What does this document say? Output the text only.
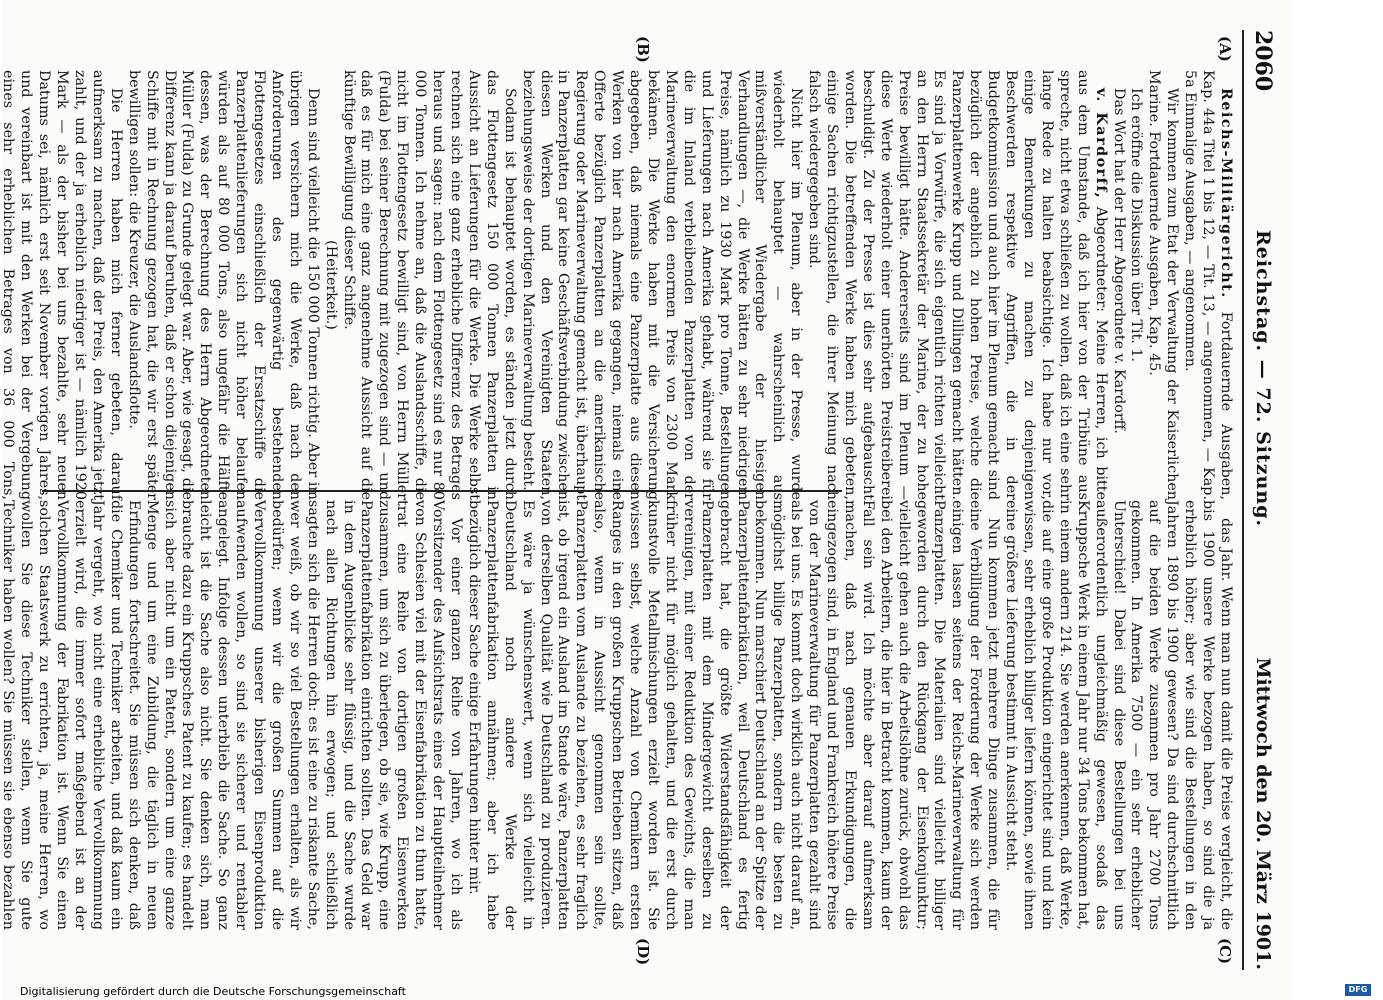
2060
Reichstag. — 72. Sitzung.
Mittwoch den 20. März 1901.
(A)
(B)
(C)
(D)

Reichs-Militärgericht. Fortdauernde Ausgaben, Kap. 44a Titel 1 bis 12, — Tit. 13, — angenommen, — Kap. 5a Einmalige Ausgaben, — angenommen.

Wir kommen zum Etat der Verwaltung der Kaiserlichen Marine. Fortdauernde Ausgaben, Kap. 45.

Ich eröffne die Diskussion über Tit. 1.

Das Wort hat der Herr Abgeordnete v. Kardorff.

v. Kardorff, Abgeordneter: Meine Herren, ich bitte aus dem Umstande, daß ich hier von der Tribüne aus spreche, nicht etwa schließen zu wollen, daß ich eine sehr lange Rede zu halten beabsichtige. Ich habe nur vor, einige Bemerkungen zu machen zu denjenigen Beschwerden respektive Angriffen, die in der Budgetkommission und auch hier im Plenum gemacht sind bezüglich der angeblich zu hohen Preise, welche die Panzerplattenwerke Krupp und Dillingen gemacht hätten. Es sind ja Vorwürfe, die sich eigentlich richten vielleicht an den Herrn Staatssekretär der Marine, der zu hohe Preise bewilligt hätte. Andererseits sind im Plenum — diese Werte wiederholt einer unerhörten Preistreiberei beschuldigt. Zu der Presse ist dies sehr aufgebauscht worden. Die betreffenden Werke haben mich gebeten, einige Sachen richtigzustellen, die ihrer Meinung nach falsch wiedergegeben sind.

Nicht hier im Plenum, aber in der Presse, wurde wiederholt behauptet — wahrscheinlich aus mißverständlicher Wiedergabe der hiesigen Verhandlungen —, die Werke hätten zu sehr niedrigem Preise, nämlich zu 1930 Mark pro Tonne, Bestellungen und Lieferungen nach Amerika gehabt, während sie für die im Inland verbleibenden Panzerplatten von der Marineverwaltung den enormen Preis von 2300 Mark bekämen. Die Werke haben mit die Versicherung abgegeben, daß niemals eine Panzerplatte aus diesen Werken von hier nach Amerika gegangen, niemals eine Offerte bezüglich Panzerplatten an die amerikanische Regierung oder Marineverwaltung gemacht ist, überhaupt in Panzerplatten gar keine Geschäftsverbindung zwischen diesen Werken und den Vereinigten Staaten, beziehungsweise der dortigen Marineverwaltung besteht.

Sodann ist behauptet worden, es ständen jetzt durch das Flottengesetz 150 000 Tonnen Panzerplatten in Aussicht an Lieferungen für die Werke. Die Werke selbst rechnen sich eine ganz erhebliche Differenz des Betrages heraus und sagen: nach dem Flottengesetz sind es nur 80 000 Tonnen. Ich nehme an, daß die Auslandsschiffe, die nicht im Flottengesetz bewilligt sind, von Herrn Müller (Fulda) bei seiner Berechnung mit zugezogen sind — und daß es für mich eine ganz angenehme Aussicht auf die künftige Bewilligung dieser Schiffe.

(Heiterkeit.)

Denn sind vielleicht die 150 000 Tonnen richtig. Aber im übrigen versichern mich die Werke, daß nach den Anforderungen des gegenwärtig bestehenden Flottengesetzes einschließlich der Ersatzschiffe die Panzerplattenlieferungen sich nicht höher belaufen würden als auf 80 000 Tons, also ungefähr die Hälfte dessen, was der Berechnung des Herrn Abgeordneten Müller (Fulda) zu Grunde gelegt war. Aber, wie gesagt, die Differenz kann ja darauf beruhen, daß er schon diejenigen Schiffe mit in Rechnung gezogen hat, die wir erst später bewilligen sollen: die Kreuzer, die Auslandsflotte.

Die Herren haben mich ferner gebeten, darauf aufmerksam zu machen, daß der Preis, den Amerika jetzt zahlt, und der ja erheblich niedriger ist — nämlich 1920 Mark — als der bisher bei uns bezahlte, sehr neuen Datums sei, nämlich erst seit November vorigen Jahres, und vereinbart ist mit den Werken bei der Vergebung eines sehr erheblichen Betrages von 36 000 Tons,

das Jahr. Wenn man nun damit die Preise vergleicht, die bis 1900 unsere Werke bezogen haben, so sind die ja erheblich höher; aber wie sind die Bestellungen in den Jahren 1890 bis 1900 gewesen? Da sind durchschnittlich auf die beiden Werke zusammen pro Jahr 2700 Tons gekommen. In Amerika 7500 — ein sehr erheblicher Unterschied! Dabei sind diese Bestellungen bei uns außerordentlich ungleichmäßig gewesen, sodaß das Kruppsche Werk in einem Jahr nur 34 Tons bekommen hat, in einem andern 214. Sie werden anerkennen, daß Werke, die auf eine große Produktion eingerichtet sind und kein wissen, sehr erheblich billiger liefern können, sowie ihnen eine größere Lieferung bestimmt in Aussicht steht.

Nun kommen jetzt mehrere Dinge zusammen, die für eine Verbilligung der Forderung der Werke sich werden einigen lassen seitens der Reichs-Marineverwaltung für Panzerplatten. Die Materialien sind vielleicht billiger geworden durch den Rückgang der Eisenkonjunktur; vielleicht gehen auch die Arbeitslöhne zurück, obwohl das bei den Arbeitern, die hier in Betracht kommen, kaum der Fall sein wird. Ich möchte aber darauf aufmerksam machen, daß nach genauen Erkundigungen, die eingezogen sind, in England und Frankreich höhere Preise von der Marineverwaltung für Panzerplatten gezahlt sind als bei uns. Es kommt doch wirklich auch nicht darauf an, möglichst billige Panzerplatten, sondern die besten zu bekommen. Nun marschiert Deutschland an der Spitze der Panzerplattenfabrikation, weil Deutschland es fertig gebracht hat, die größte Widerstandsfähigkeit der Panzerplatten mit dem Mindergewicht derselben zu vereinigen, mit einer Reduktion des Gewichts, die man früher nicht für möglich gehalten, und die erst durch kunstvolle Metallmischungen erzielt worden ist. Sie wissen selbst, welche Anzahl von Chemikern ersten Ranges in den großen Kruppschen Betrieben sitzen, daß also, wenn in Aussicht genommen sein sollte, Panzerplatten vom Auslande zu beziehen, es sehr fraglich ist, ob irgend ein Ausland im Stande wäre, Panzerplatten von derselben Qualität wie Deutschland zu produzieren. Es wäre ja wünschenswert, wenn sich vielleicht in Deutschland noch andere Werke der Panzerplattenfabrikation annähmen; aber ich habe bezüglich dieser Sache einige Erfahrungen hinter mir.

Vor einer ganzen Reihe von Jahren, wo ich als Vorsitzender des Aufsichtsrats eines der Hauptteilnehmer von Schlesien viel mit der Eisenfabrikation zu thun hatte, trat eine Reihe von dortigen großen Eisenwerken zusammen, um sich zu überlegen, ob sie, wie Krupp, eine Panzerplattenfabrikation einrichten sollten. Das Geld war in dem Augenblicke sehr flüssig, und die Sache wurde nach allen Richtungen hin erwogen; und schließlich sagten sich die Herren doch: es ist eine zu riskante Sache, wer weiß, ob wir so viel Bestellungen erhalten, als wir bedürfen; wenn wir die großen Summen auf die Vervollkommnung unserer bisherigen Eisenproduktion aufwenden wollen, so sind sie sicherer und rentabler angelegt. Infolge dessen unterblieb die Sache. So ganz leicht ist die Sache also nicht. Sie denken sich, man brauche dazu ein Kruppsches Patent zu kaufen; es handelt sich aber nicht um ein Patent, sondern um eine ganze Menge und um eine Zubildung, die täglich in neuen Erfindungen fortschreitet. Sie müssen sich denken, daß die Chemiker und Techniker arbeiten, und daß kaum ein Jahr vergeht, wo nicht eine erhebliche Vervollkommnung erzielt wird, die immer sofort maßgebend ist an der Vervollkommnung der Fabrikation ist. Wenn Sie einen solchen Staatswerk zu errichten, ja, meine Herren, wo wollen Sie diese Techniker stellen, wenn Sie gute Techniker haben wollen? Sie müssen sie ebenso bezahlen

Digitalisierung gefördert durch die Deutsche Forschungsgemeinschaft	DFG
